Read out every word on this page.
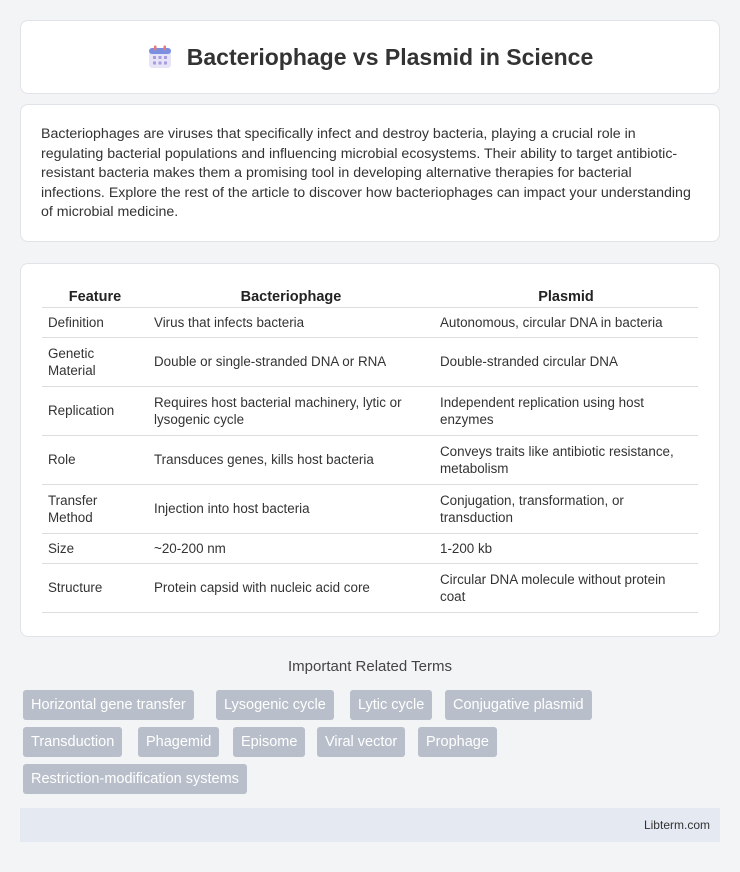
Bacteriophage vs Plasmid in Science

Bacteriophages are viruses that specifically infect and destroy bacteria, playing a crucial role in regulating bacterial populations and influencing microbial ecosystems. Their ability to target antibiotic-resistant bacteria makes them a promising tool in developing alternative therapies for bacterial infections. Explore the rest of the article to discover how bacteriophages can impact your understanding of microbial medicine.

Feature	Bacteriophage	Plasmid
Definition	Virus that infects bacteria	Autonomous, circular DNA in bacteria
Genetic Material	Double or single-stranded DNA or RNA	Double-stranded circular DNA
Replication	Requires host bacterial machinery, lytic or lysogenic cycle	Independent replication using host enzymes
Role	Transduces genes, kills host bacteria	Conveys traits like antibiotic resistance, metabolism
Transfer Method	Injection into host bacteria	Conjugation, transformation, or transduction
Size	~20-200 nm	1-200 kb
Structure	Protein capsid with nucleic acid core	Circular DNA molecule without protein coat
Important Related Terms
Horizontal gene transfer	Lysogenic cycle	Lytic cycle	Conjugative plasmid
Transduction	Phagemid	Episome	Viral vector	Prophage
Restriction-modification systems
Libterm.com
